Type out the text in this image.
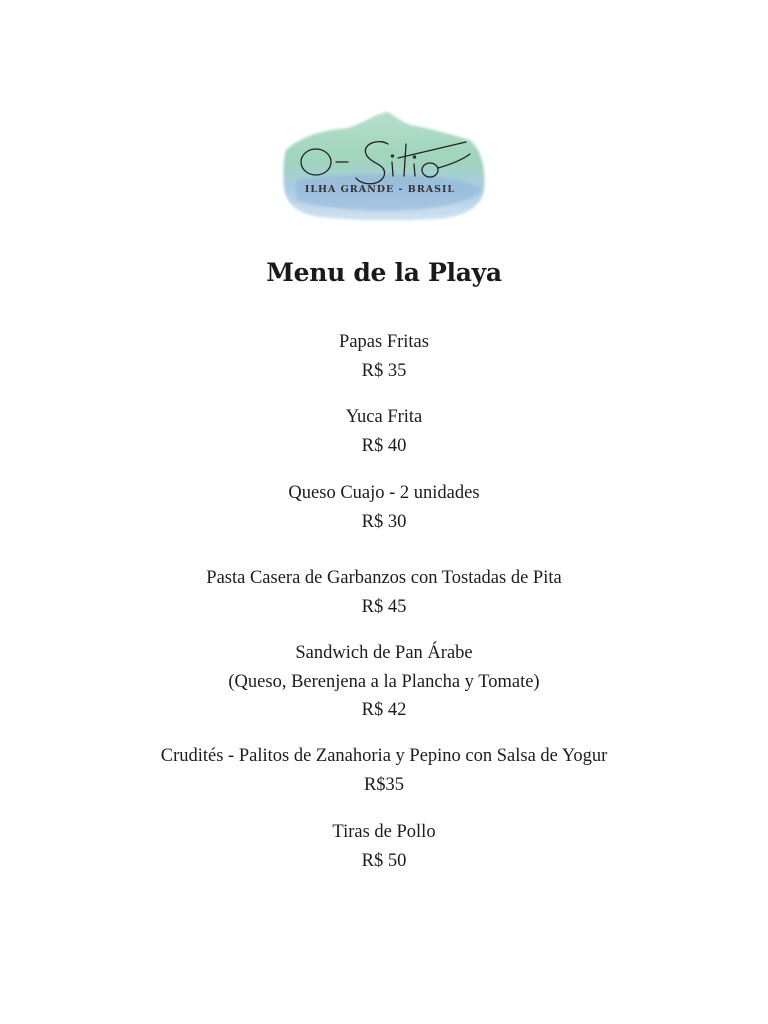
ILHA GRANDE - BRASIL
Menu de la Playa
Papas Fritas
R$ 35
Yuca Frita
R$ 40
Queso Cuajo - 2 unidades
R$ 30
Pasta Casera de Garbanzos con Tostadas de Pita
R$ 45
Sandwich de Pan Árabe
(Queso, Berenjena a la Plancha y Tomate)
R$ 42
Crudités - Palitos de Zanahoria y Pepino con Salsa de Yogur
R$35
Tiras de Pollo
R$ 50
